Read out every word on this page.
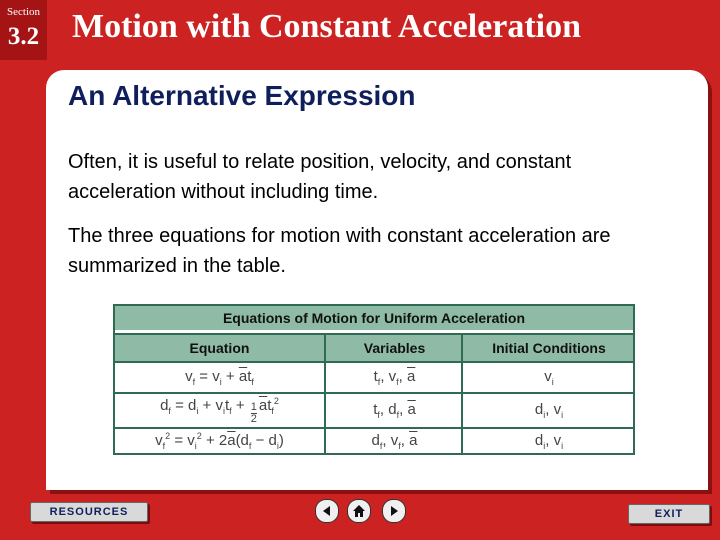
Section
3.2 Motion with Constant Acceleration
An Alternative Expression
Often, it is useful to relate position, velocity, and constant acceleration without including time.
The three equations for motion with constant acceleration are summarized in the table.
Equations of Motion for Uniform Acceleration
Equation	Variables	Initial Conditions
$v_f = v_i + \overline{a}t_f$	$t_f$, $v_f$, $\overline{a}$	$v_i$
$d_f = d_i + v_it_f + \frac{1}{2} \overline{a}t_f^2$	$t_f$, $d_f$, $\overline{a}$	$d_i$, $v_i$
$v_f^2 = v_i^2 + 2\overline{a}(d_f - d_i)$	$d_f$, $v_f$, $\overline{a}$	$d_i$, $v_i$
RESOURCES	EXIT
